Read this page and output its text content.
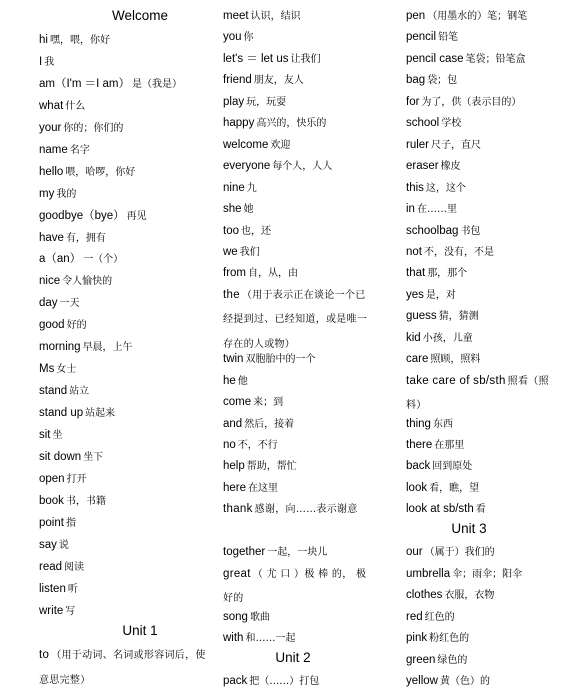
Welcome
hi 嘿，喂，你好
I 我
am（I'm ＝I am） 是（我是）
what 什么
your 你的；你们的
name 名字
hello 喂，哈啰，你好
my 我的
goodbye（bye） 再见
have 有，拥有
a（an） 一（个）
nice 令人愉快的
day 一天
good 好的
morning 早晨，上午
Ms 女士
stand 站立
stand up 站起来
sit 坐
sit down 坐下
open 打开
book 书，书籍
point 指
say 说
read 阅读
listen 听
write 写
Unit 1
to （用于动词、名词或形容词后，使意思完整）
meet 认识，结识
you 你
let's ＝ let us 让我们
friend 朋友，友人
play 玩，玩耍
happy 高兴的，快乐的
welcome 欢迎
everyone 每个人，人人
nine 九
she 她
too 也，还
we 我们
from 自，从，由
the （用于表示正在谈论一个已经提到过、已经知道，或是唯一存在的人或物）
twin 双胞胎中的一个
he 他
come 来；到
and 然后，接着
no 不，不行
help 帮助，帮忙
here 在这里
thank 感谢，向……表示谢意
together 一起，一块儿
great （ 尤 口 ）极 棒 的， 极好的
song 歌曲
with 和……一起
Unit 2
pack 把（……）打包
pen （用墨水的）笔；钢笔
pencil 铅笔
pencil case 笔袋；铅笔盒
bag 袋；包
for 为了，供（表示目的）
school 学校
ruler 尺子，直尺
eraser 橡皮
this 这，这个
in 在……里
schoolbag 书包
not 不，没有，不是
that 那，那个
yes 是，对
guess 猜，猜测
kid 小孩，儿童
care 照顾，照料
take care of sb/sth 照看（照料）
thing 东西
there 在那里
back 回到原处
look 看，瞧，望
look at sb/sth 看
Unit 3
our （属于）我们的
umbrella 伞；雨伞；阳伞
clothes 衣服，衣物
red 红色的
pink 粉红色的
green 绿色的
yellow 黄（色）的
